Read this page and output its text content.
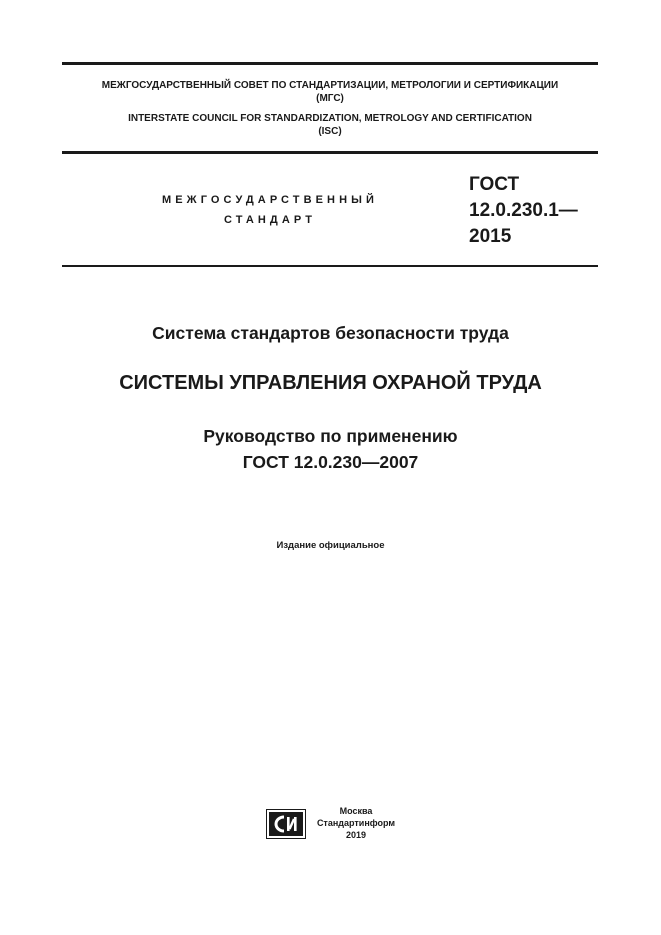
МЕЖГОСУДАРСТВЕННЫЙ СОВЕТ ПО СТАНДАРТИЗАЦИИ, МЕТРОЛОГИИ И СЕРТИФИКАЦИИ
(МГС)
INTERSTATE COUNCIL FOR STANDARDIZATION, METROLOGY AND CERTIFICATION
(ISC)
МЕЖГОСУДАРСТВЕННЫЙ
СТАНДАРТ
ГОСТ
12.0.230.1—
2015
Система стандартов безопасности труда
СИСТЕМЫ УПРАВЛЕНИЯ ОХРАНОЙ ТРУДА
Руководство по применению
ГОСТ 12.0.230—2007
Издание официальное
Москва
Стандартинформ
2019
